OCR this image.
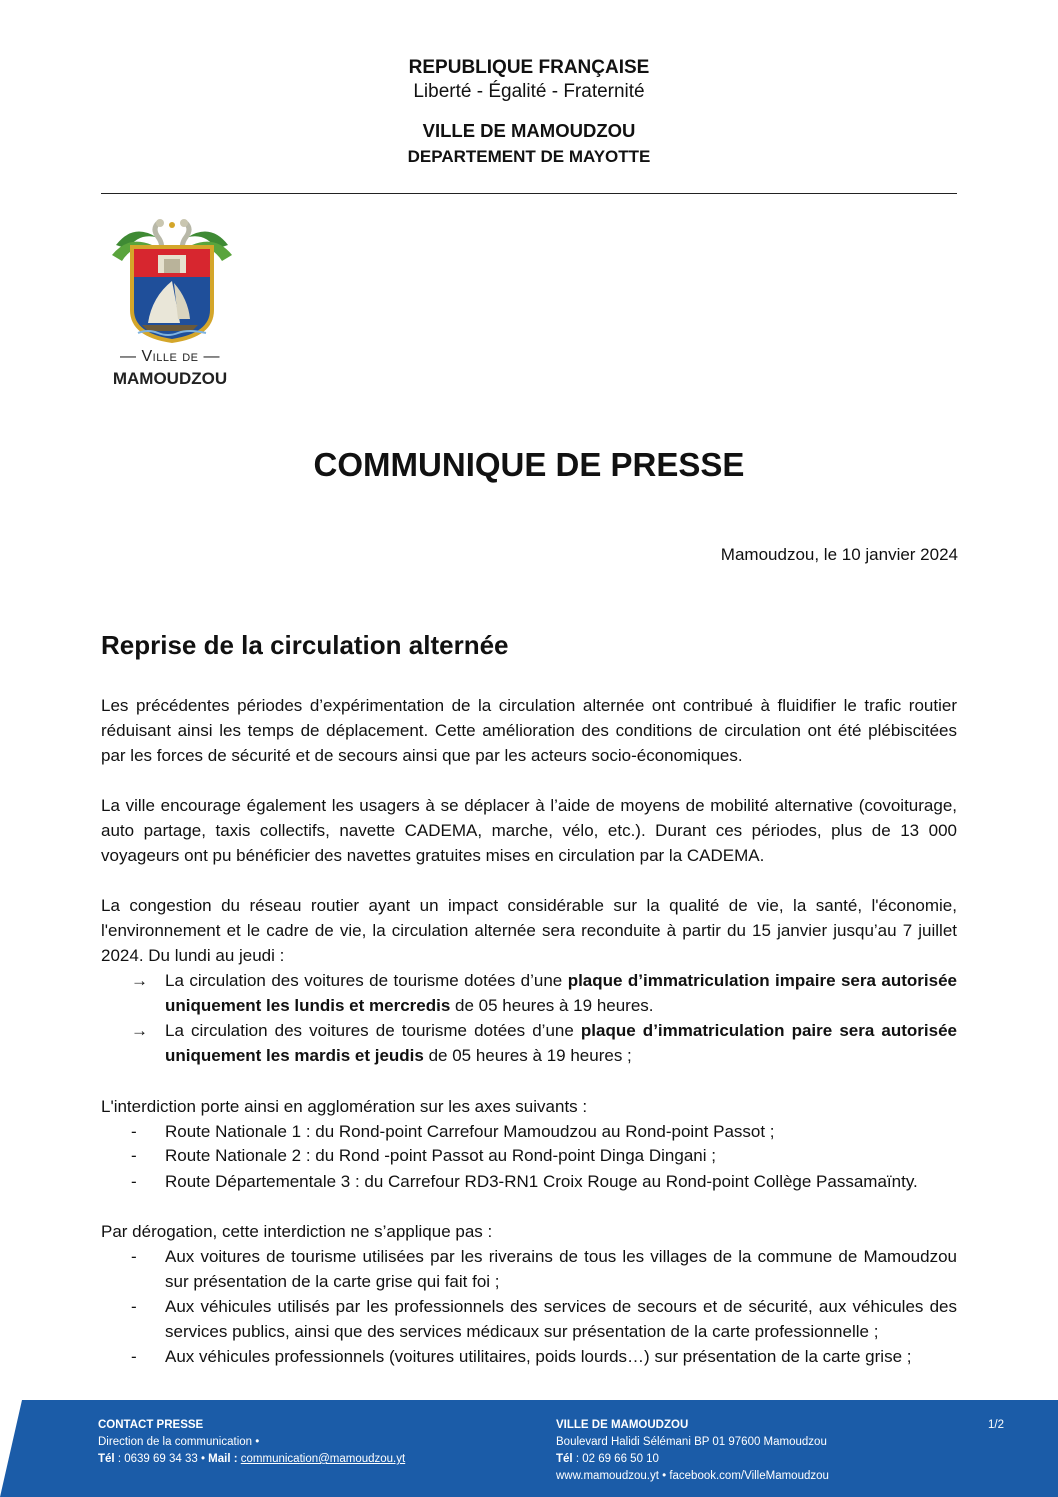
REPUBLIQUE FRANÇAISE
Liberté - Égalité - Fraternité
VILLE DE MAMOUDZOU
DEPARTEMENT DE MAYOTTE
— Ville de —
MAMOUDZOU
COMMUNIQUE DE PRESSE
Mamoudzou, le 10 janvier 2024
Reprise de la circulation alternée

Les précédentes périodes d’expérimentation de la circulation alternée ont contribué à fluidifier le trafic routier réduisant ainsi les temps de déplacement. Cette amélioration des conditions de circulation ont été plébiscitées par les forces de sécurité et de secours ainsi que par les acteurs socio-économiques.

La ville encourage également les usagers à se déplacer à l’aide de moyens de mobilité alternative (covoiturage, auto partage, taxis collectifs, navette CADEMA, marche, vélo, etc.). Durant ces périodes, plus de 13 000 voyageurs ont pu bénéficier des navettes gratuites mises en circulation par la CADEMA.

La congestion du réseau routier ayant un impact considérable sur la qualité de vie, la santé, l'économie, l'environnement et le cadre de vie, la circulation alternée sera reconduite à partir du 15 janvier jusqu’au 7 juillet 2024. Du lundi au jeudi :

→ La circulation des voitures de tourisme dotées d’une plaque d’immatriculation impaire sera autorisée uniquement les lundis et mercredis de 05 heures à 19 heures.
→ La circulation des voitures de tourisme dotées d’une plaque d’immatriculation paire sera autorisée uniquement les mardis et jeudis de 05 heures à 19 heures ;

L'interdiction porte ainsi en agglomération sur les axes suivants :

- Route Nationale 1 : du Rond-point Carrefour Mamoudzou au Rond-point Passot ;
- Route Nationale 2 : du Rond -point Passot au Rond-point Dinga Dingani ;
- Route Départementale 3 : du Carrefour RD3-RN1 Croix Rouge au Rond-point Collège Passamaïnty.

Par dérogation, cette interdiction ne s’applique pas :

- Aux voitures de tourisme utilisées par les riverains de tous les villages de la commune de Mamoudzou sur présentation de la carte grise qui fait foi ;
- Aux véhicules utilisés par les professionnels des services de secours et de sécurité, aux véhicules des services publics, ainsi que des services médicaux sur présentation de la carte professionnelle ;
- Aux véhicules professionnels (voitures utilitaires, poids lourds…) sur présentation de la carte grise ;
CONTACT PRESSE
Direction de la communication •
Tél : 0639 69 34 33 • Mail : communication@mamoudzou.yt
VILLE DE MAMOUDZOU
Boulevard Halidi Sélémani BP 01 97600 Mamoudzou
Tél : 02 69 66 50 10
www.mamoudzou.yt • facebook.com/VilleMamoudzou
1/2
